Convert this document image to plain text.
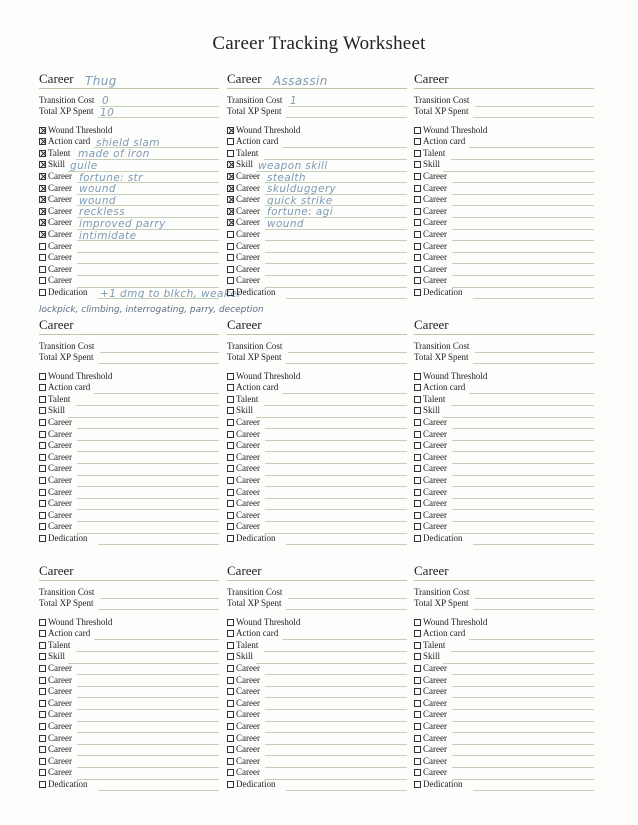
Career Tracking Worksheet
Career Thug
Transition Cost 0
Total XP Spent 10
Wound Threshold
Action card shield slam
Talent made of iron
Skill guile
Career fortune: str
Career wound
Career wound
Career reckless
Career improved parry
Career intimidate
Career
Career
Career
Career
Dedication +1 dmg to blkch, weaker
Career Assassin
Transition Cost 1
Total XP Spent
Wound Threshold
Action card
Talent
Skill weapon skill
Career stealth
Career skulduggery
Career quick strike
Career fortune: agi
Career wound
Career
Career
Career
Career
Career
Dedication
Career
Transition Cost
Total XP Spent
Wound Threshold
Action card
Talent
Skill
Career
Career
Career
Career
Career
Career
Career
Career
Career
Career
Dedication
Career
Transition Cost
Total XP Spent
Wound Threshold
Action card
Talent
Skill
Career
Career
Career
Career
Career
Career
Career
Career
Career
Career
Dedication
Career
Transition Cost
Total XP Spent
Wound Threshold
Action card
Talent
Skill
Career
Career
Career
Career
Career
Career
Career
Career
Career
Career
Dedication
Career
Transition Cost
Total XP Spent
Wound Threshold
Action card
Talent
Skill
Career
Career
Career
Career
Career
Career
Career
Career
Career
Career
Dedication
Career
Transition Cost
Total XP Spent
Wound Threshold
Action card
Talent
Skill
Career
Career
Career
Career
Career
Career
Career
Career
Career
Career
Dedication
Career
Transition Cost
Total XP Spent
Wound Threshold
Action card
Talent
Skill
Career
Career
Career
Career
Career
Career
Career
Career
Career
Career
Dedication
Career
Transition Cost
Total XP Spent
Wound Threshold
Action card
Talent
Skill
Career
Career
Career
Career
Career
Career
Career
Career
Career
Career
Dedication
lockpick, climbing, interrogating, parry, deception
